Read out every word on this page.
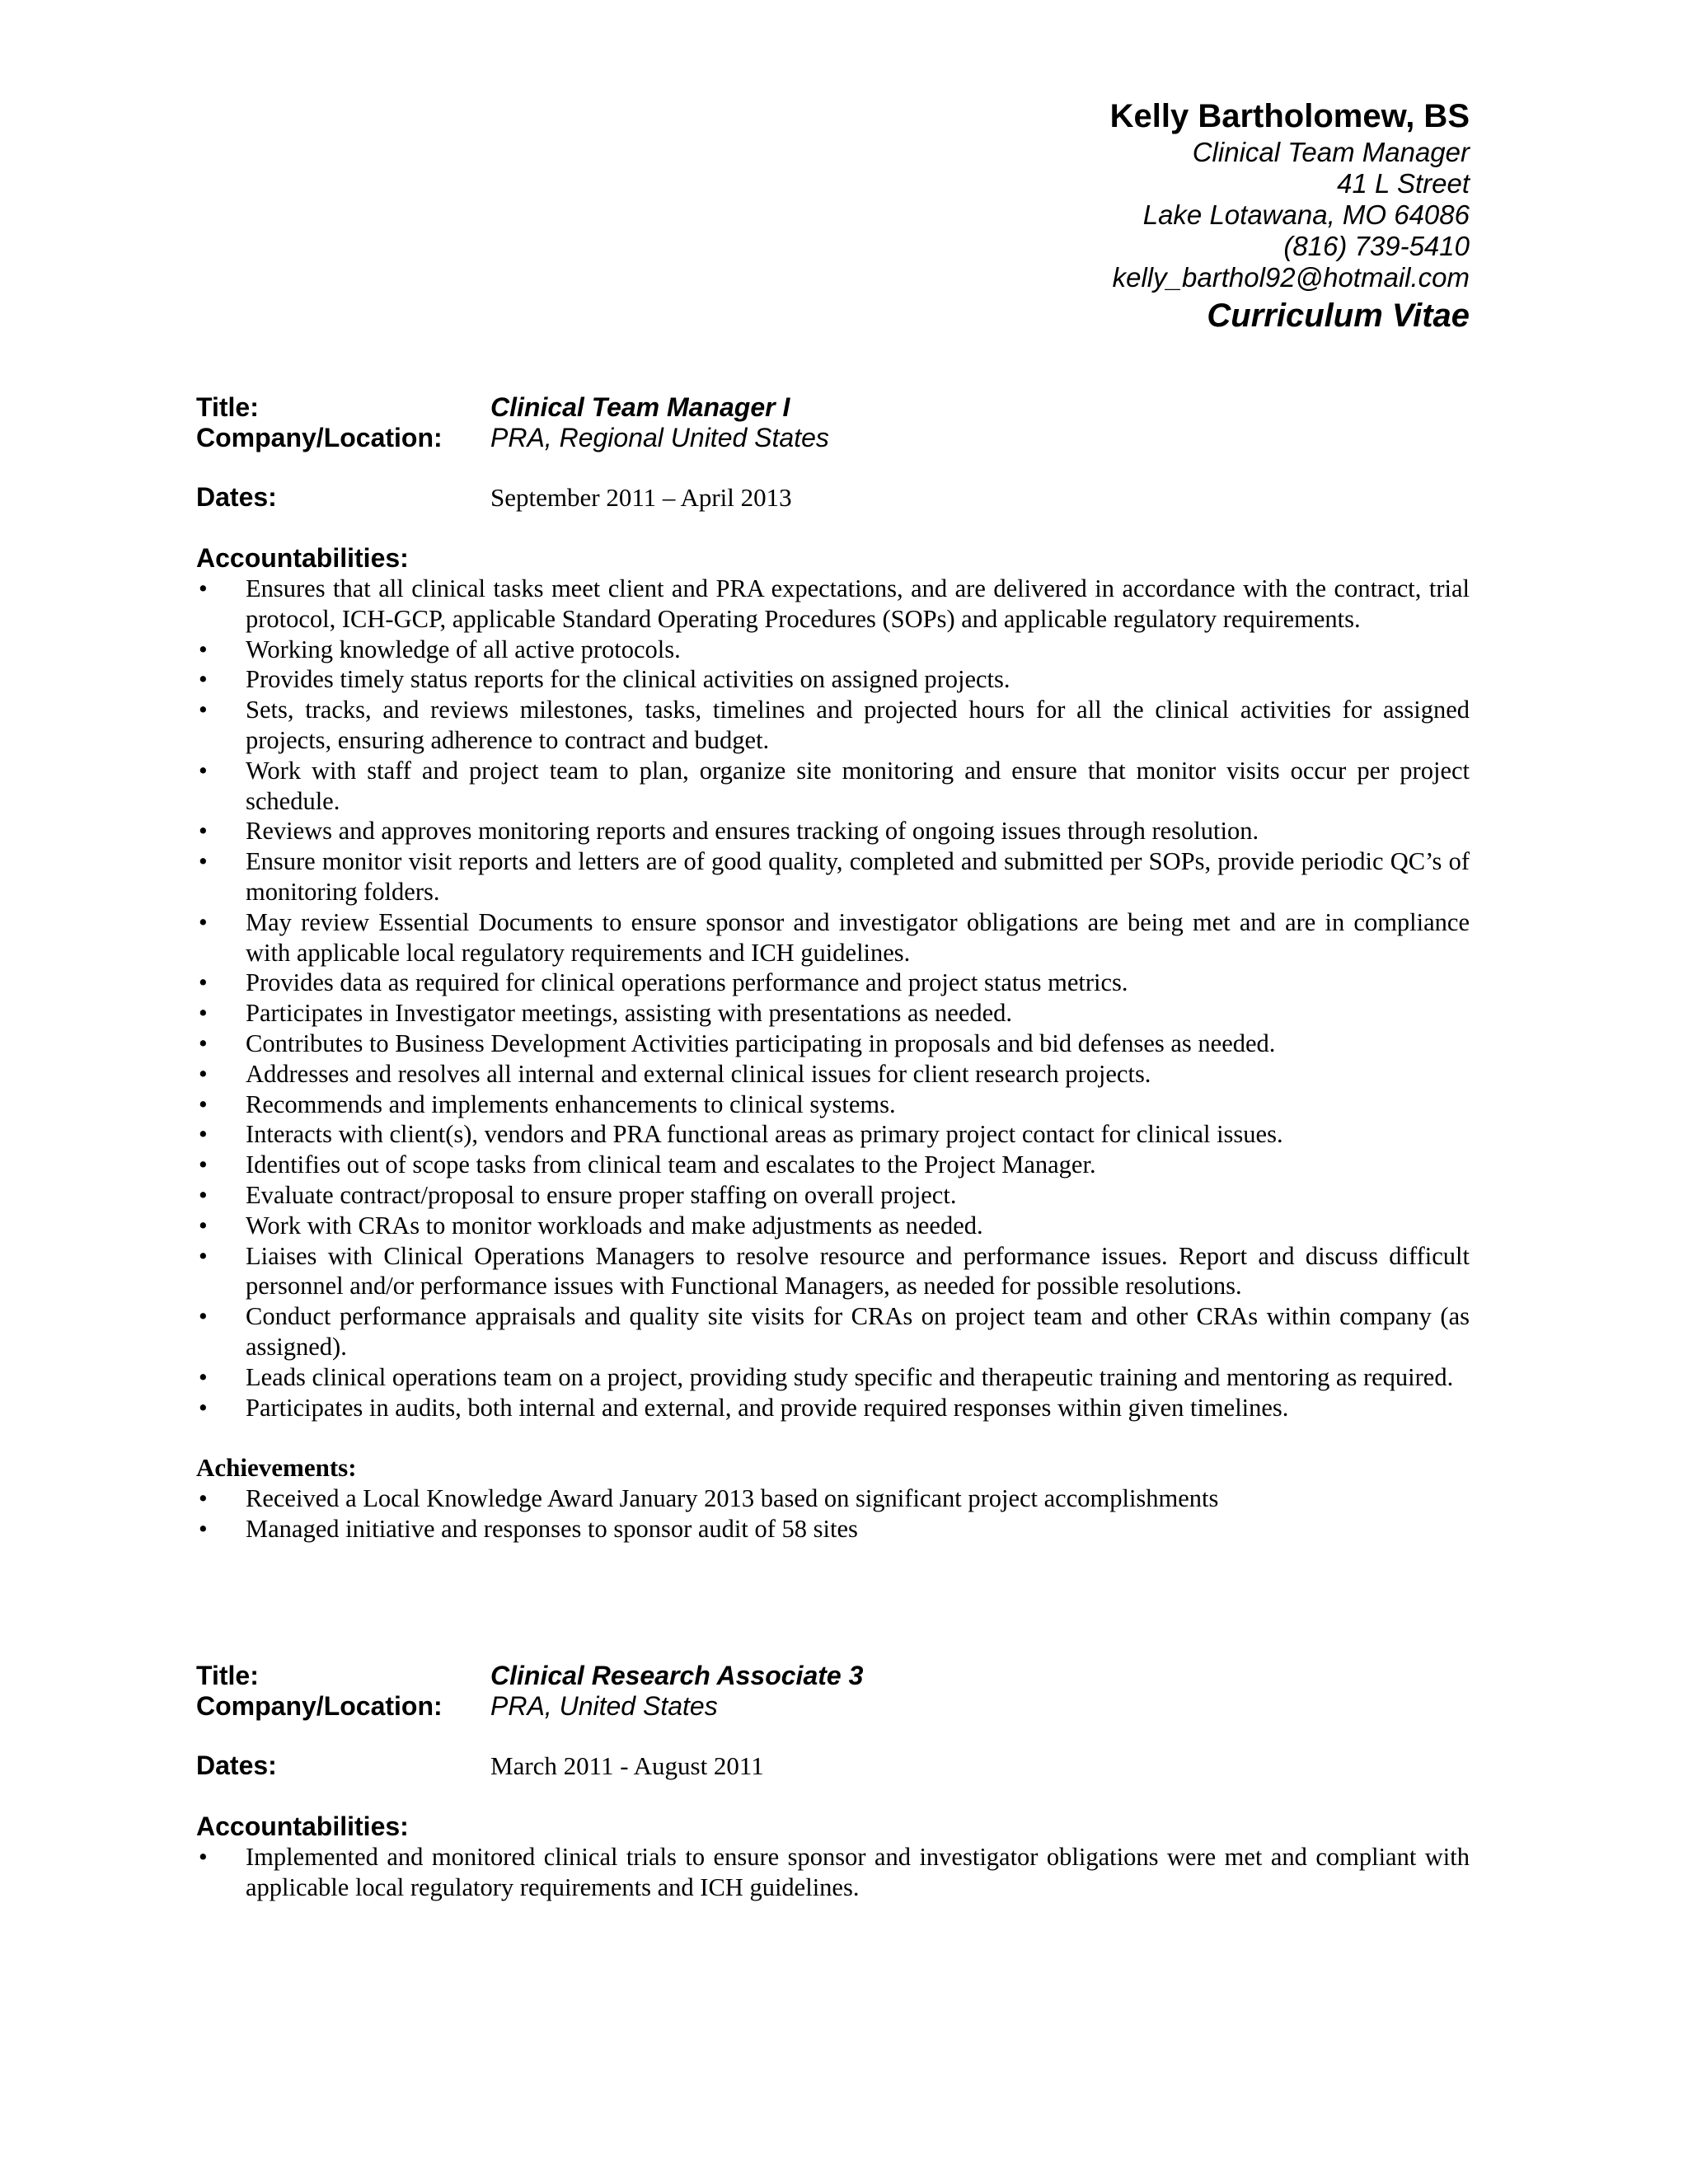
Kelly Bartholomew, BS
Clinical Team Manager
41 L Street
Lake Lotawana, MO 64086
(816) 739-5410
kelly_barthol92@hotmail.com
Curriculum Vitae
Title:	Clinical Team Manager I
Company/Location:	PRA, Regional United States
Dates:	September 2011 – April 2013
Accountabilities:
• Ensures that all clinical tasks meet client and PRA expectations, and are delivered in accordance with the contract, trial protocol, ICH-GCP, applicable Standard Operating Procedures (SOPs) and applicable regulatory requirements.
• Working knowledge of all active protocols.
• Provides timely status reports for the clinical activities on assigned projects.
• Sets, tracks, and reviews milestones, tasks, timelines and projected hours for all the clinical activities for assigned projects, ensuring adherence to contract and budget.
• Work with staff and project team to plan, organize site monitoring and ensure that monitor visits occur per project schedule.
• Reviews and approves monitoring reports and ensures tracking of ongoing issues through resolution.
• Ensure monitor visit reports and letters are of good quality, completed and submitted per SOPs, provide periodic QC’s of monitoring folders.
• May review Essential Documents to ensure sponsor and investigator obligations are being met and are in compliance with applicable local regulatory requirements and ICH guidelines.
• Provides data as required for clinical operations performance and project status metrics.
• Participates in Investigator meetings, assisting with presentations as needed.
• Contributes to Business Development Activities participating in proposals and bid defenses as needed.
• Addresses and resolves all internal and external clinical issues for client research projects.
• Recommends and implements enhancements to clinical systems.
• Interacts with client(s), vendors and PRA functional areas as primary project contact for clinical issues.
• Identifies out of scope tasks from clinical team and escalates to the Project Manager.
• Evaluate contract/proposal to ensure proper staffing on overall project.
• Work with CRAs to monitor workloads and make adjustments as needed.
• Liaises with Clinical Operations Managers to resolve resource and performance issues. Report and discuss difficult personnel and/or performance issues with Functional Managers, as needed for possible resolutions.
• Conduct performance appraisals and quality site visits for CRAs on project team and other CRAs within company (as assigned).
• Leads clinical operations team on a project, providing study specific and therapeutic training and mentoring as required.
• Participates in audits, both internal and external, and provide required responses within given timelines.
Achievements:
• Received a Local Knowledge Award January 2013 based on significant project accomplishments
• Managed initiative and responses to sponsor audit of 58 sites
Title:	Clinical Research Associate 3
Company/Location:	PRA, United States
Dates:	March 2011 - August 2011
Accountabilities:
• Implemented and monitored clinical trials to ensure sponsor and investigator obligations were met and compliant with applicable local regulatory requirements and ICH guidelines.
